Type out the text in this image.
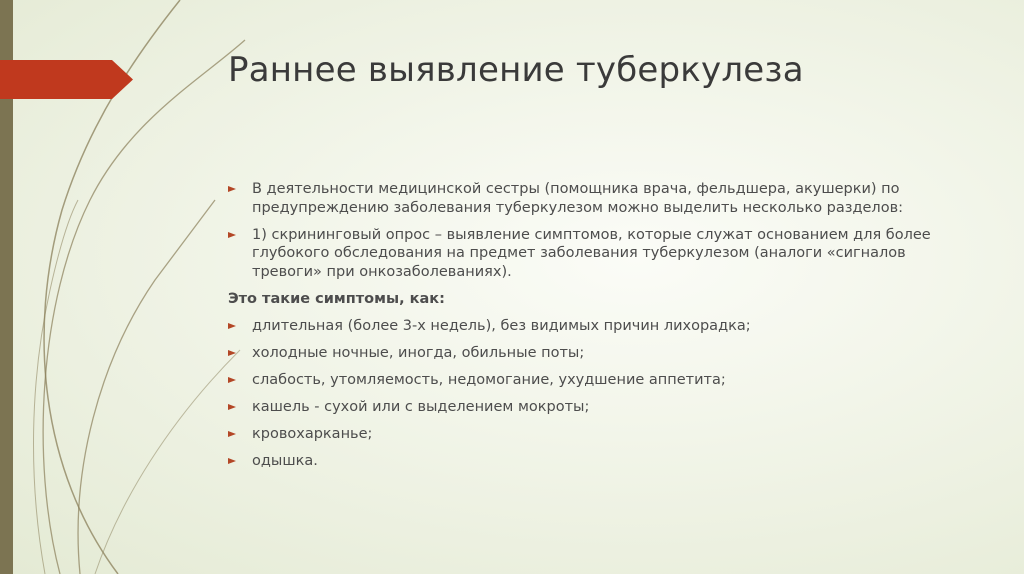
Раннее выявление туберкулеза
В деятельности медицинской сестры (помощника врача, фельдшера, акушерки) по предупреждению заболевания туберкулезом можно выделить несколько разделов:
1) скрининговый опрос – выявление симптомов, которые служат основанием для более глубокого обследования на предмет заболевания туберкулезом (аналоги «сигналов тревоги» при онкозаболеваниях).
Это такие симптомы, как:
длительная (более 3-х недель), без видимых причин лихорадка;
холодные ночные, иногда, обильные поты;
слабость, утомляемость, недомогание, ухудшение аппетита;
кашель - сухой или с выделением мокроты;
кровохарканье;
одышка.
